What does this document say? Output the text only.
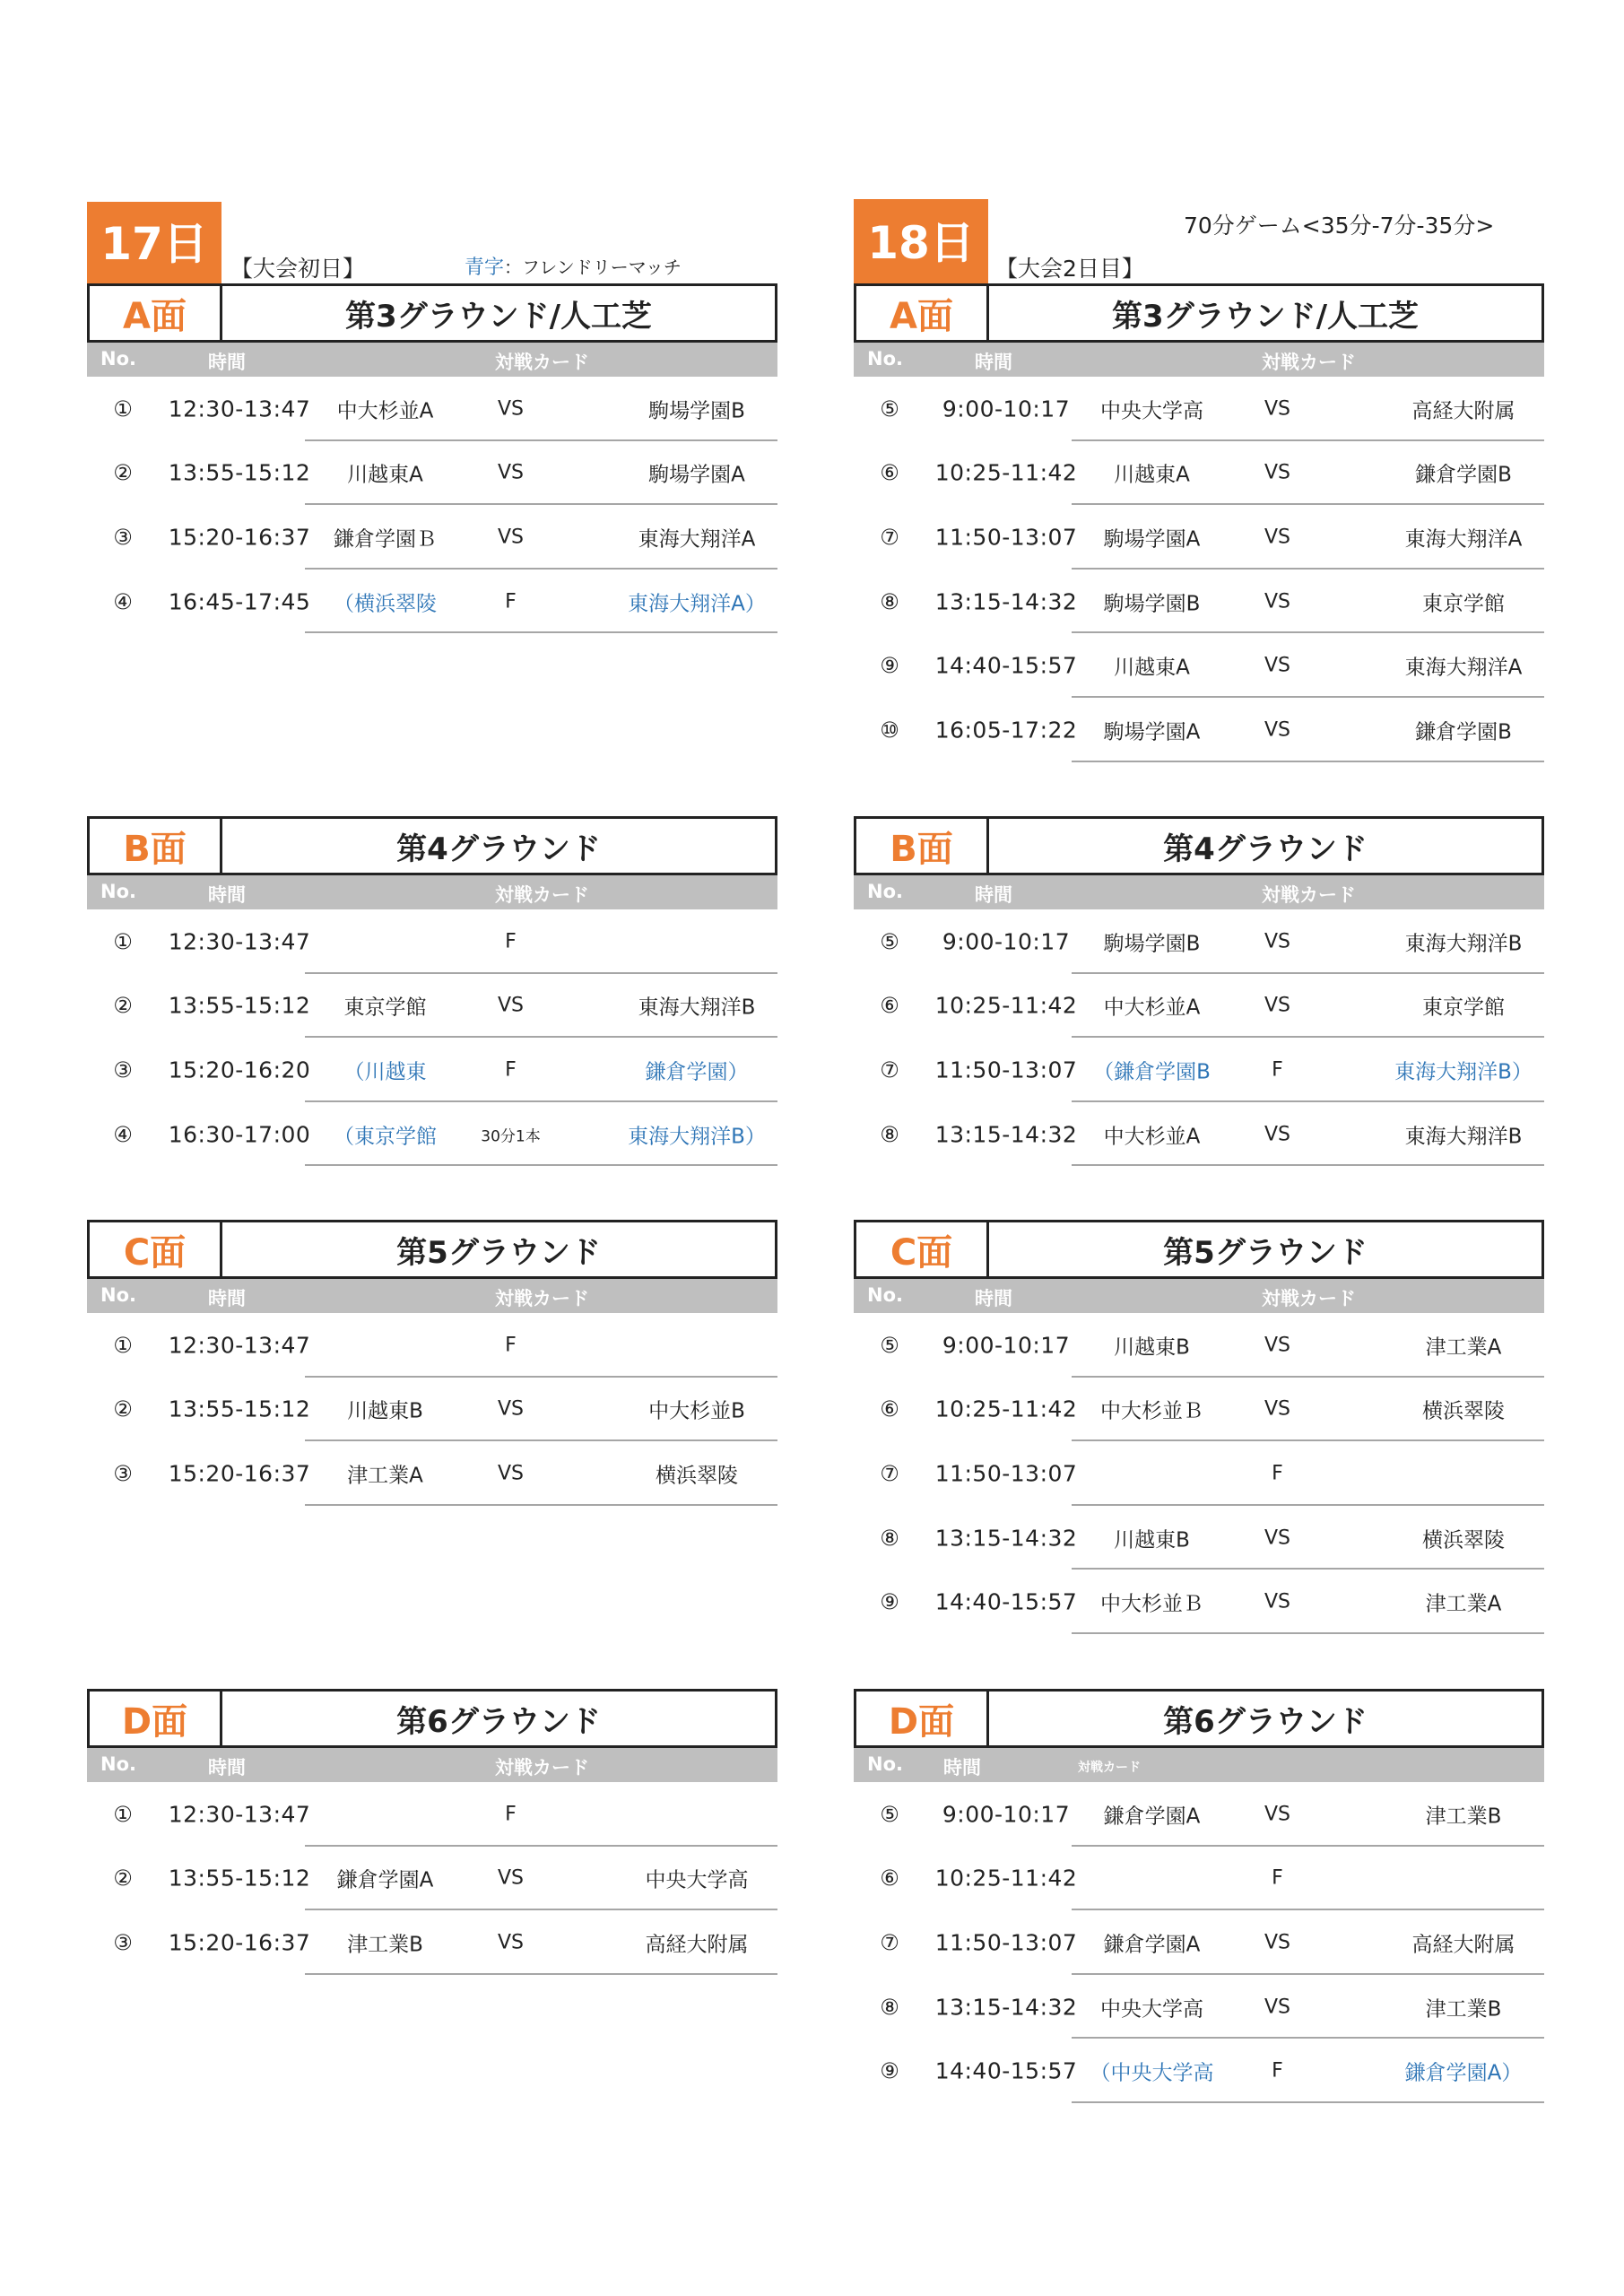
17日	【大会初日】	青字：フレンドリーマッチ	18日 【大会2日目】
70分ゲーム<35分-7分-35分>
A面	第3グラウンド/人工芝
No.	時間	対戦カード
① 12:30-13:47	中大杉並A	VS	駒場学園B
② 13:55-15:12	川越東A	VS	駒場学園A
③ 15:20-16:37	鎌倉学園Ｂ	VS	東海大翔洋A
④ 16:45-17:45	（横浜翠陵	F	東海大翔洋A）
B面	第4グラウンド
No.	時間	対戦カード
① 12:30-13:47	F
② 13:55-15:12	東京学館	VS	東海大翔洋B
③ 15:20-16:20	（川越東	F	鎌倉学園）
④ 16:30-17:00	（東京学館	30分1本	東海大翔洋B）
C面	第5グラウンド
No.	時間	対戦カード
① 12:30-13:47	F
② 13:55-15:12	川越東B	VS	中大杉並B
③ 15:20-16:37	津工業A	VS	横浜翠陵
D面	第6グラウンド
No.	時間	対戦カード
① 12:30-13:47	F
② 13:55-15:12	鎌倉学園A	VS	中央大学高
③ 15:20-16:37	津工業B	VS	高経大附属
A面	第3グラウンド/人工芝
No.	時間	対戦カード
⑤	9:00-10:17	中央大学高	VS	高経大附属
⑥ 10:25-11:42	川越東A	VS	鎌倉学園B
⑦ 11:50-13:07	駒場学園A	VS	東海大翔洋A
⑧ 13:15-14:32	駒場学園B	VS	東京学館
⑨ 14:40-15:57	川越東A	VS	東海大翔洋A
⑩ 16:05-17:22	駒場学園A	VS	鎌倉学園B
B面	第4グラウンド
No.	時間	対戦カード
⑤	9:00-10:17	駒場学園B	VS	東海大翔洋B
⑥ 10:25-11:42	中大杉並A	VS	東京学館
⑦ 11:50-13:07 （鎌倉学園B	F	東海大翔洋B）
⑧ 13:15-14:32	中大杉並A	VS	東海大翔洋B
C面	第5グラウンド
No.	時間	対戦カード
⑤	9:00-10:17	川越東B	VS	津工業A
⑥ 10:25-11:42	中大杉並Ｂ	VS	横浜翠陵
⑦ 11:50-13:07	F
⑧ 13:15-14:32	川越東B	VS	横浜翠陵
⑨ 14:40-15:57	中大杉並Ｂ	VS	津工業A
D面	第6グラウンド
No. 時間	対戦カード
⑤	9:00-10:17	鎌倉学園A	VS	津工業B
⑥ 10:25-11:42	F
⑦ 11:50-13:07	鎌倉学園A	VS	高経大附属
⑧ 13:15-14:32	中央大学高	VS	津工業B
⑨ 14:40-15:57 （中央大学高	F	鎌倉学園A）
